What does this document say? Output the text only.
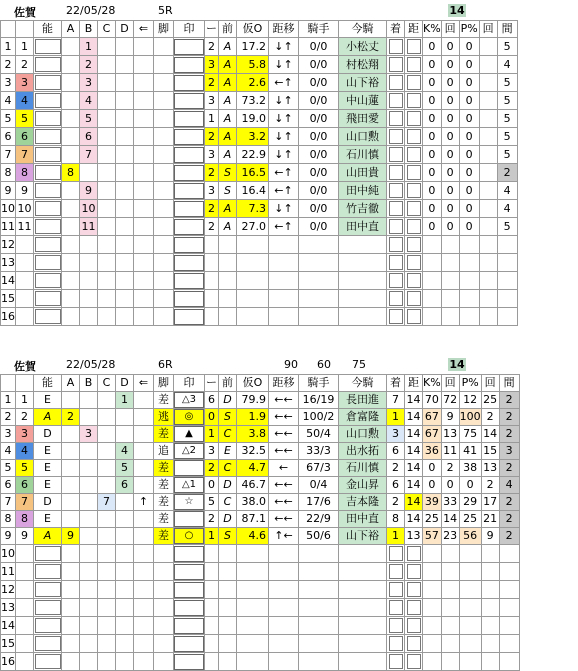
佐賀	22/05/28	5R	14
		能	A	B	C	D	⇐	脚	印	ー	前	仮O	距移	騎手	今騎	着	距	K%	回	P%	回	間
1	1			1						2	A	17.2	↓↑	0/0	小松丈			0	0	0		5
2	2			2						3	A	5.8	↓↑	0/0	村松翔			0	0	0		4
3	3			3						2	A	2.6	←↑	0/0	山下裕			0	0	0		5
4	4			4						3	A	73.2	↓↑	0/0	中山蓮			0	0	0		5
5	5			5						1	A	19.0	↓↑	0/0	飛田愛			0	0	0		5
6	6			6						2	A	3.2	↓↑	0/0	山口勲			0	0	0		5
7	7			7						3	A	22.9	↓↑	0/0	石川慎			0	0	0		5
8	8		8							2	S	16.5	←↑	0/0	山田貴			0	0	0		2
9	9			9						3	S	16.4	←↑	0/0	田中純			0	0	0		4
10	10			10						2	A	7.3	↓↑	0/0	竹吉徹			0	0	0		4
11	11			11						2	A	27.0	←↑	0/0	田中直			0	0	0		5
12		

13		

14		

15		

16		

佐賀	22/05/28	6R	90 60 75	14
		能	A	B	C	D	⇐	脚	印	ー	前	仮O	距移	騎手	今騎	着	距	K%	回	P%	回	間
1	1	E				1		差	△3	6	D	79.9	←←	16/19	長田進	7	14	70	72	12	25	2
2	2	A	2					逃	◎	0	S	1.9	←←	100/2	倉富隆	1	14	67	9	100	2	2
3	3	D		3				差	▲	1	C	3.8	←←	50/4	山口勲	3	14	67	13	75	14	2
4	4	E				4		追	△2	3	E	32.5	←←	33/3	出水拓	6	14	36	11	41	15	3
5	5	E				5		差		2	C	4.7	←	67/3	石川慎	2	14	0	2	38	13	2
6	6	E				6		差	△1	0	D	46.7	←←	0/4	金山昇	6	14	0	0	0	2	4
7	7	D			7		↑	差	☆	5	C	38.0	←←	17/6	吉本隆	2	14	39	33	29	17	2
8	8	E						差		2	D	87.1	←←	22/9	田中直	8	14	25	14	25	21	2
9	9	A	9					差	○	1	S	4.6	↑←	50/6	山下裕	1	13	57	23	56	9	2
10		

11		

12		

13		

14		

15		

16		
